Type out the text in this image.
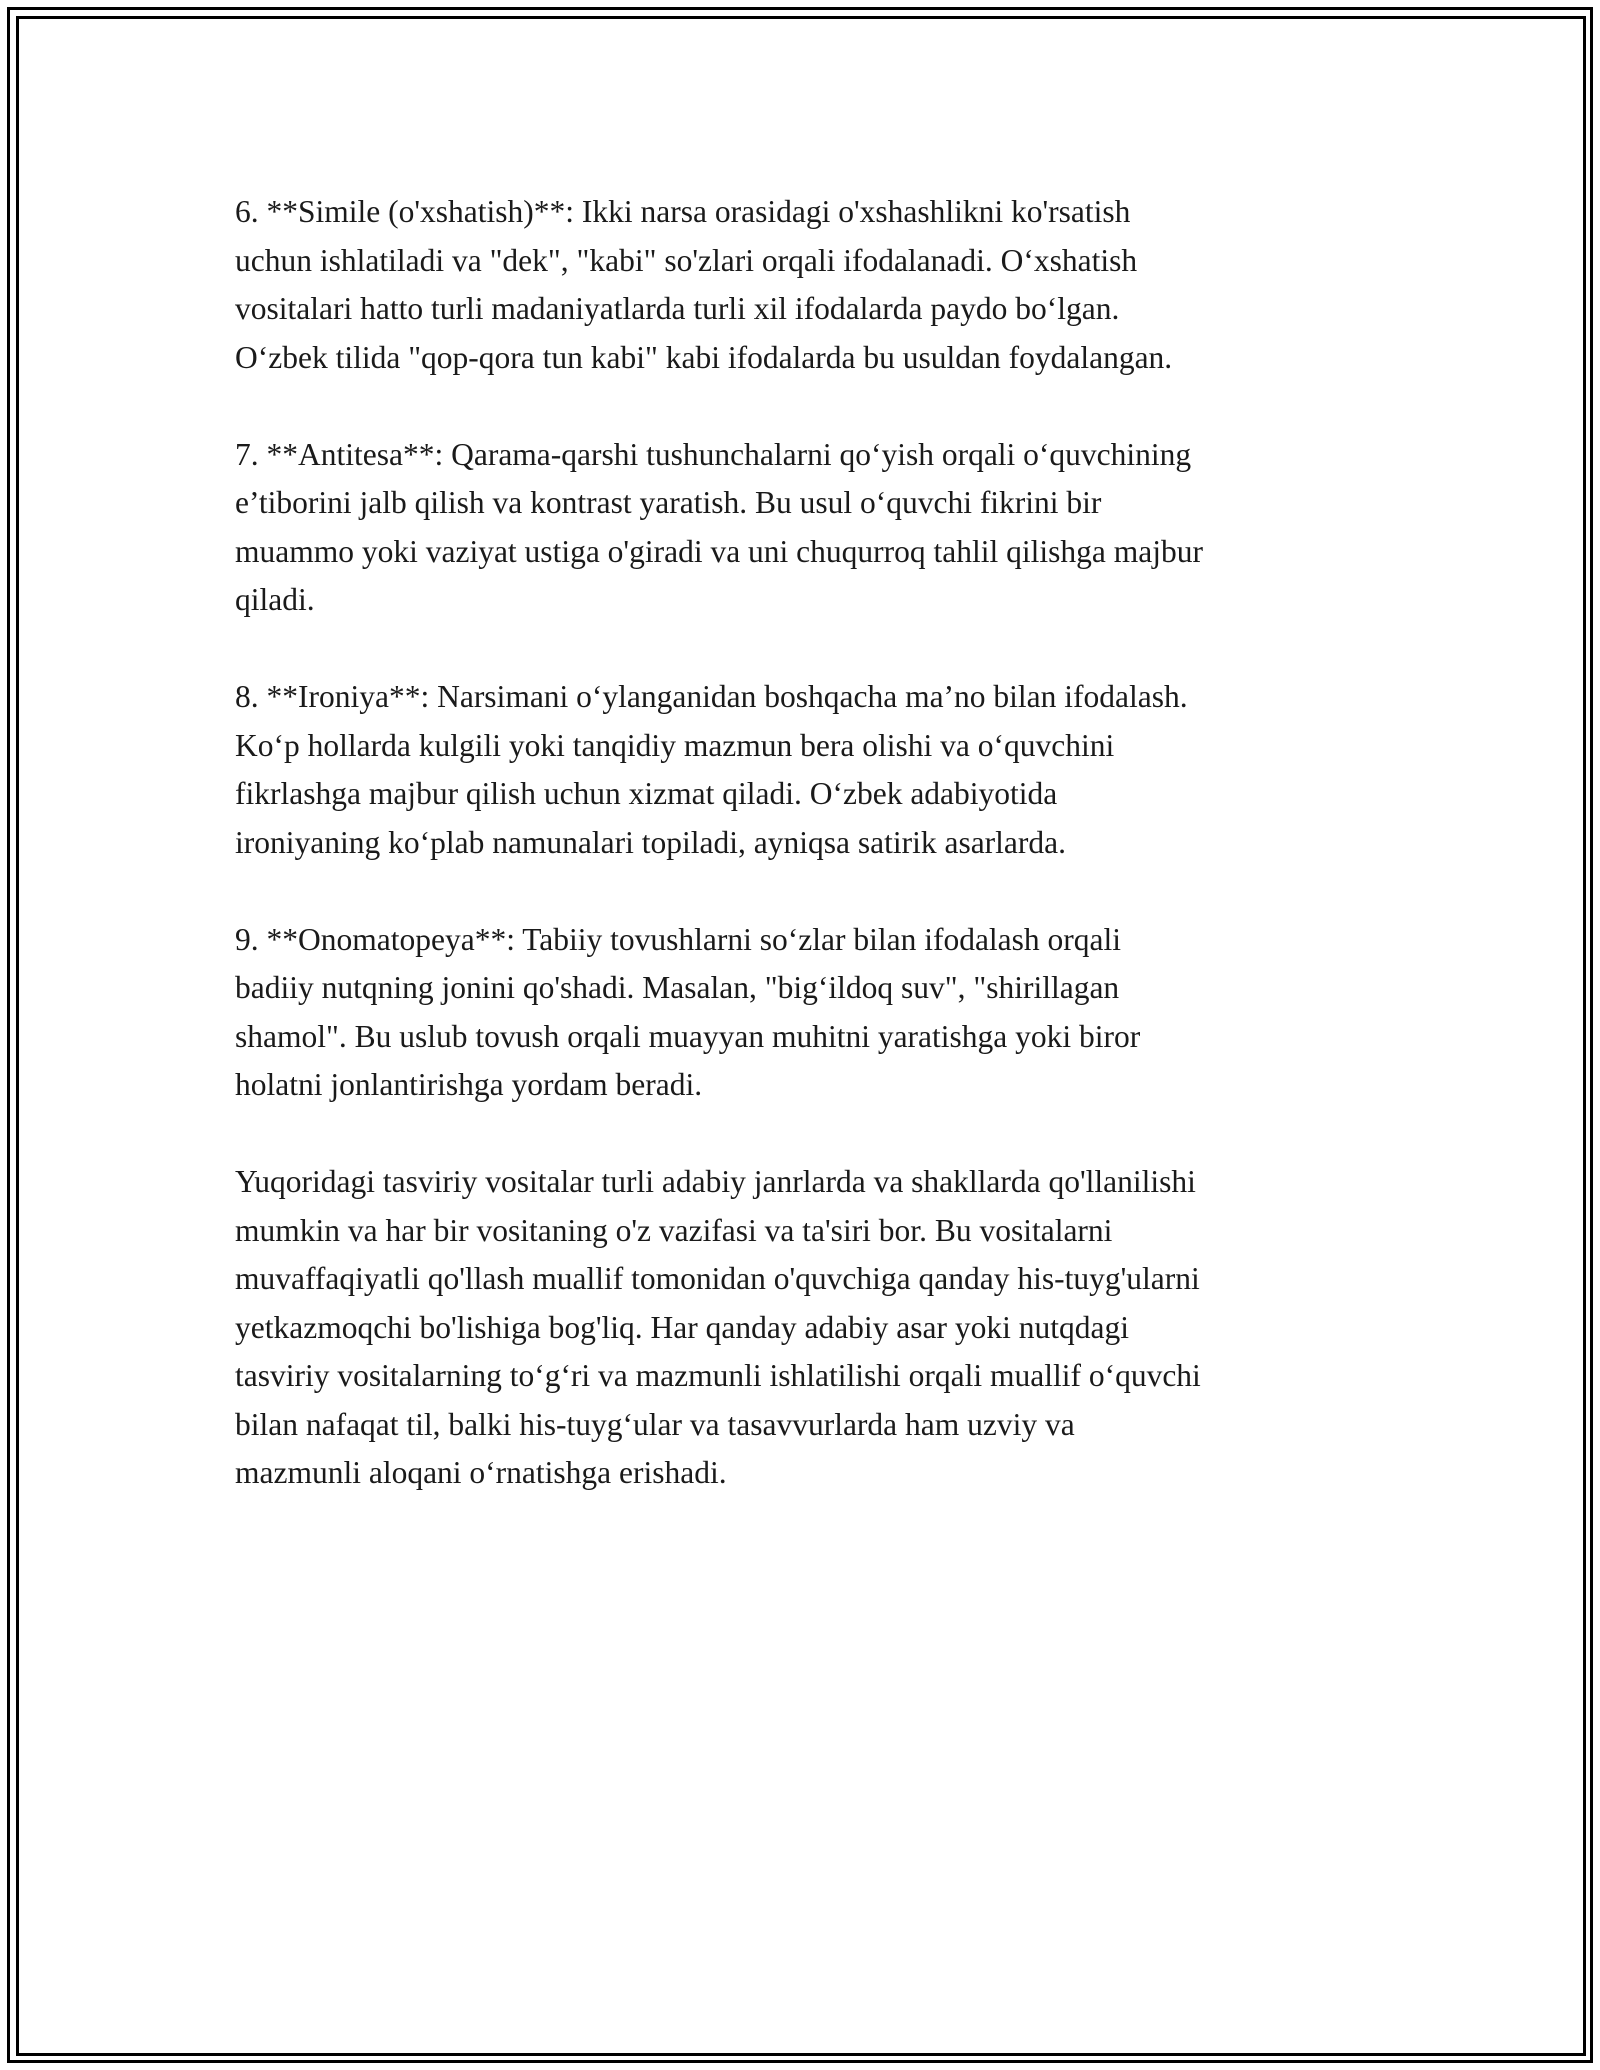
6. **Simile (o'xshatish)**: Ikki narsa orasidagi o'xshashlikni ko'rsatish
uchun ishlatiladi va "dek", "kabi" so'zlari orqali ifodalanadi. O‘xshatish
vositalari hatto turli madaniyatlarda turli xil ifodalarda paydo bo‘lgan.
O‘zbek tilida "qop-qora tun kabi" kabi ifodalarda bu usuldan foydalangan.

7. **Antitesa**: Qarama-qarshi tushunchalarni qo‘yish orqali o‘quvchining
e’tiborini jalb qilish va kontrast yaratish. Bu usul o‘quvchi fikrini bir
muammo yoki vaziyat ustiga o'giradi va uni chuqurroq tahlil qilishga majbur
qiladi.

8. **Ironiya**: Narsimani o‘ylanganidan boshqacha ma’no bilan ifodalash.
Ko‘p hollarda kulgili yoki tanqidiy mazmun bera olishi va o‘quvchini
fikrlashga majbur qilish uchun xizmat qiladi. O‘zbek adabiyotida
ironiyaning ko‘plab namunalari topiladi, ayniqsa satirik asarlarda.

9. **Onomatopeya**: Tabiiy tovushlarni so‘zlar bilan ifodalash orqali
badiiy nutqning jonini qo'shadi. Masalan, "big‘ildoq suv", "shirillagan
shamol". Bu uslub tovush orqali muayyan muhitni yaratishga yoki biror
holatni jonlantirishga yordam beradi.

Yuqoridagi tasviriy vositalar turli adabiy janrlarda va shakllarda qo'llanilishi
mumkin va har bir vositaning o'z vazifasi va ta'siri bor. Bu vositalarni
muvaffaqiyatli qo'llash muallif tomonidan o'quvchiga qanday his-tuyg'ularni
yetkazmoqchi bo'lishiga bog'liq. Har qanday adabiy asar yoki nutqdagi
tasviriy vositalarning to‘g‘ri va mazmunli ishlatilishi orqali muallif o‘quvchi
bilan nafaqat til, balki his-tuyg‘ular va tasavvurlarda ham uzviy va
mazmunli aloqani o‘rnatishga erishadi.
